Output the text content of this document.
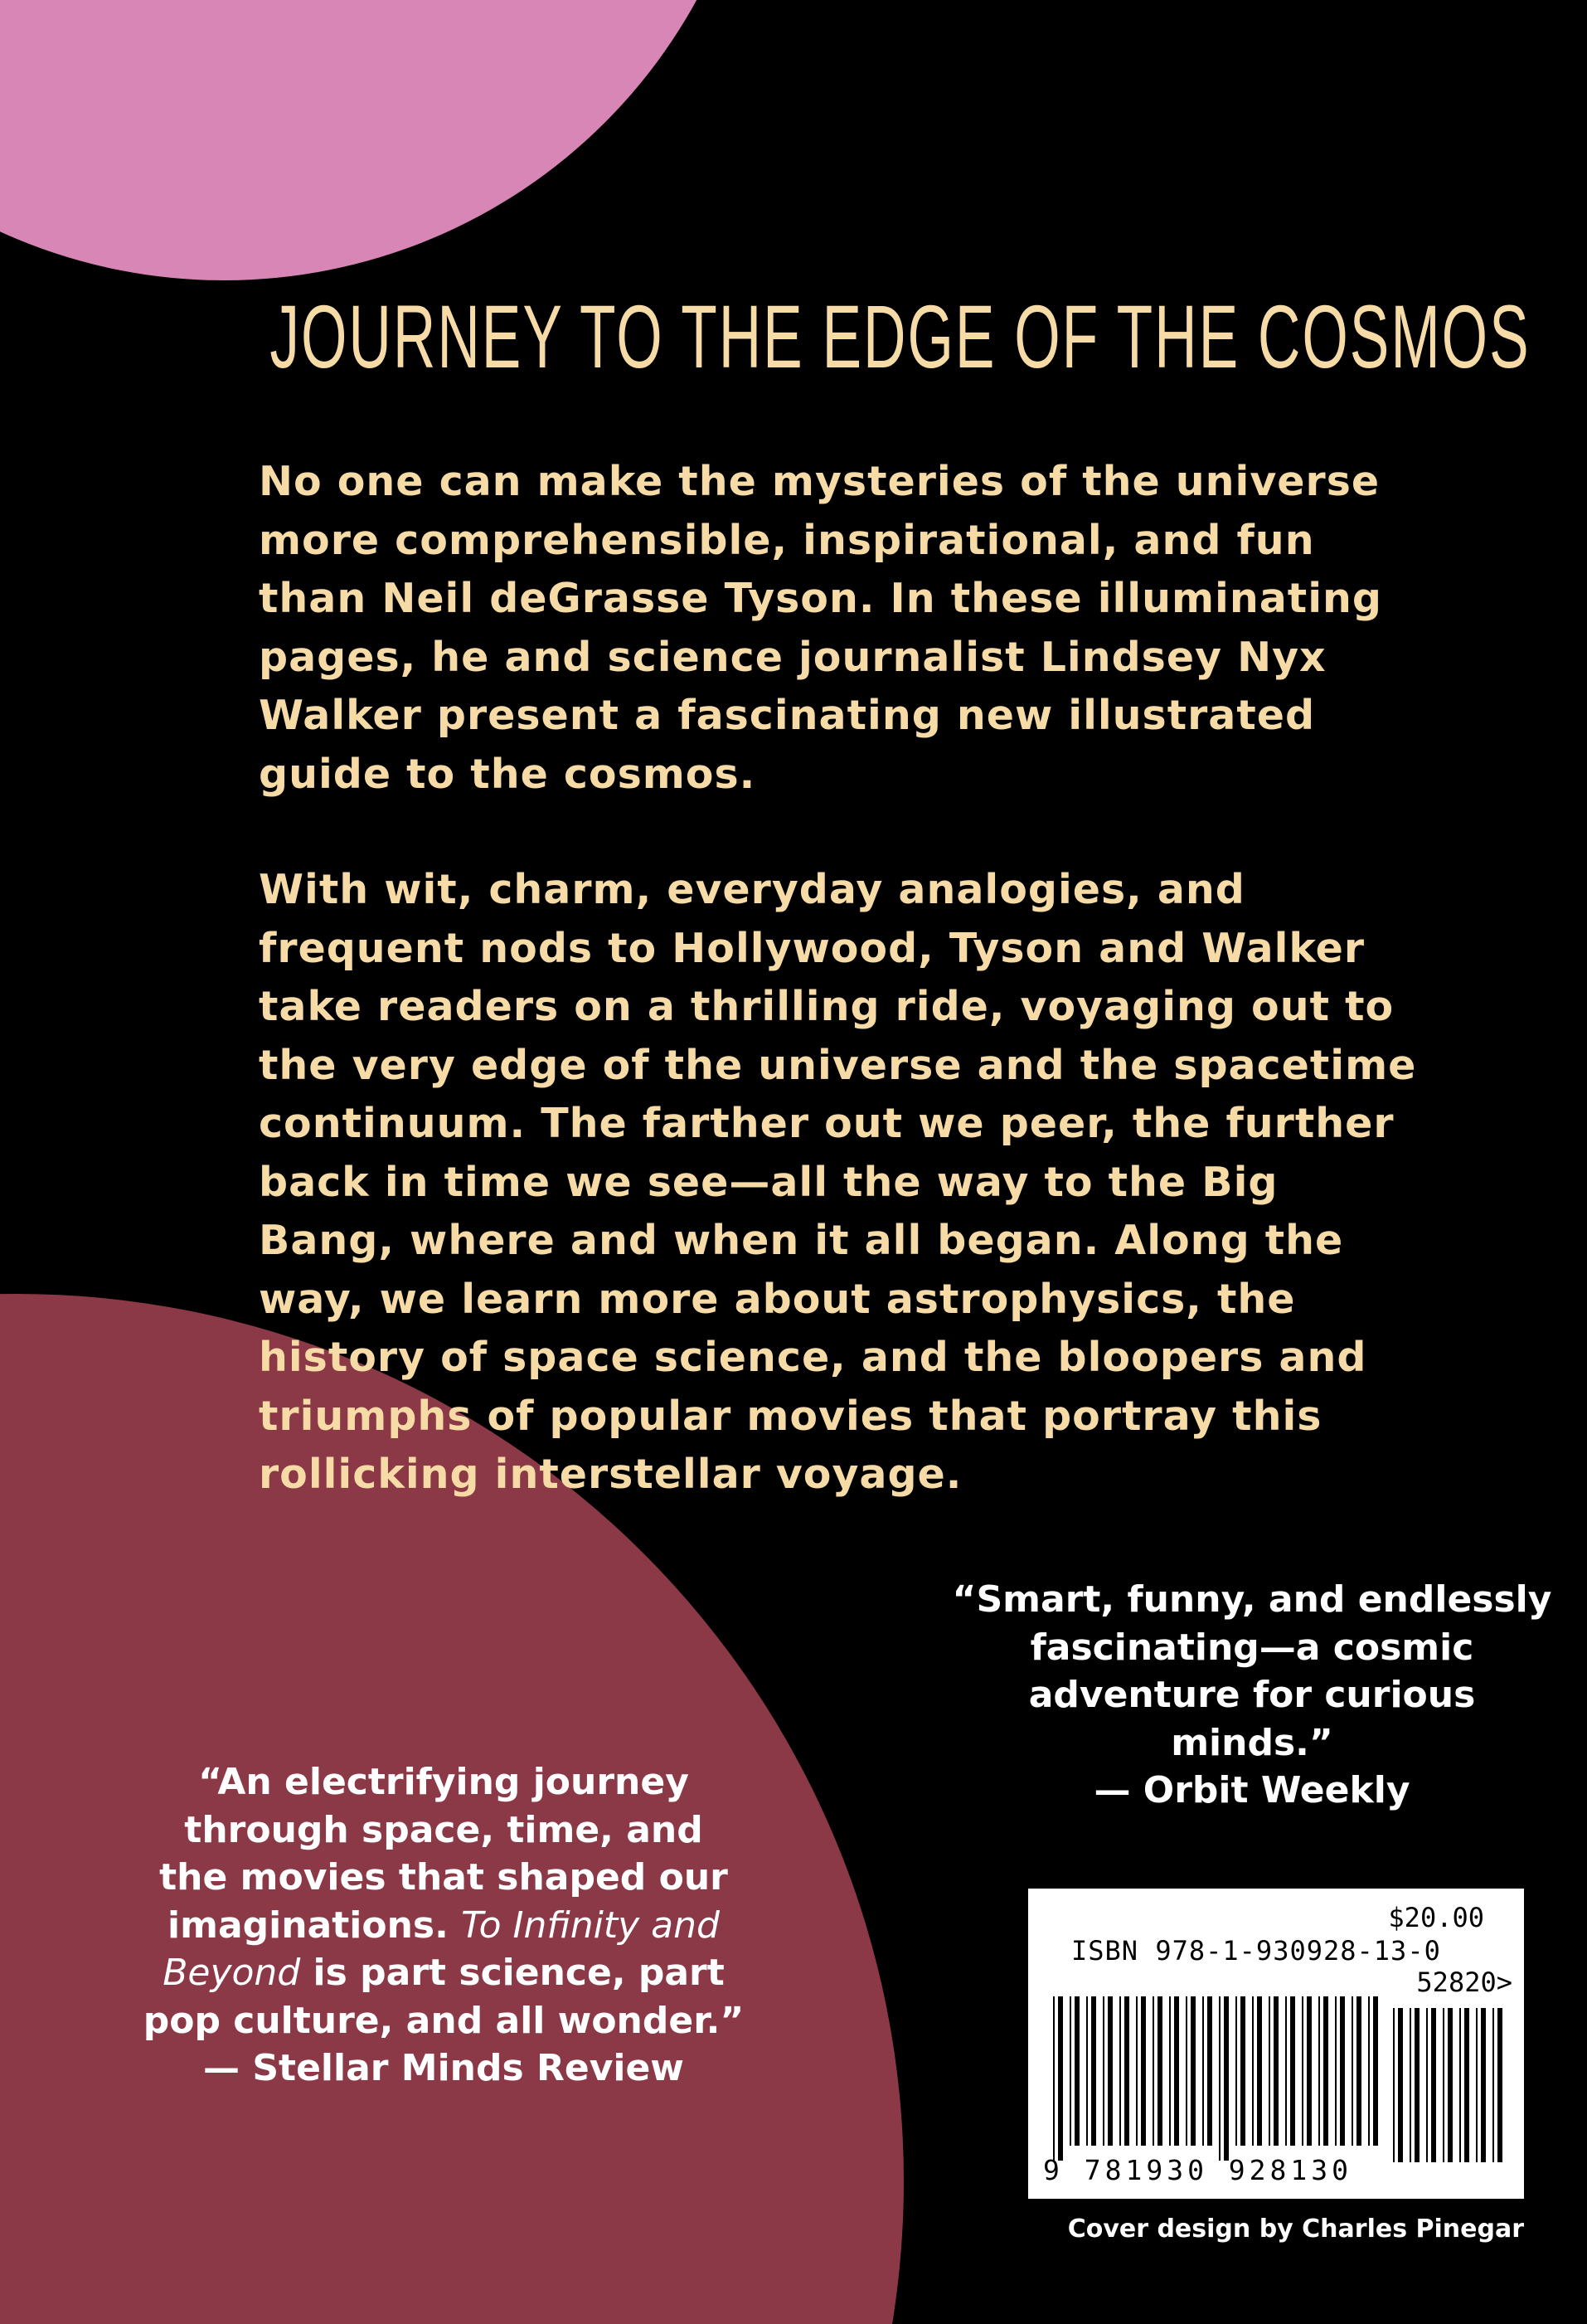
JOURNEY TO THE EDGE OF THE COSMOS

No one can make the mysteries of the universe
more comprehensible, inspirational, and fun
than Neil deGrasse Tyson. In these illuminating
pages, he and science journalist Lindsey Nyx
Walker present a fascinating new illustrated
guide to the cosmos.

With wit, charm, everyday analogies, and
frequent nods to Hollywood, Tyson and Walker
take readers on a thrilling ride, voyaging out to
the very edge of the universe and the spacetime
continuum. The farther out we peer, the further
back in time we see—all the way to the Big
Bang, where and when it all began. Along the
way, we learn more about astrophysics, the
history of space science, and the bloopers and
triumphs of popular movies that portray this
rollicking interstellar voyage.

“Smart, funny, and endlessly
fascinating—a cosmic
adventure for curious
minds.”
— Orbit Weekly

“An electrifying journey
through space, time, and
the movies that shaped our
imaginations. To Infinity and
Beyond is part science, part
pop culture, and all wonder.”
— Stellar Minds Review

$20.00
ISBN 978-1-930928-13-0
52820>
9 781930 928130
Cover design by Charles Pinegar
